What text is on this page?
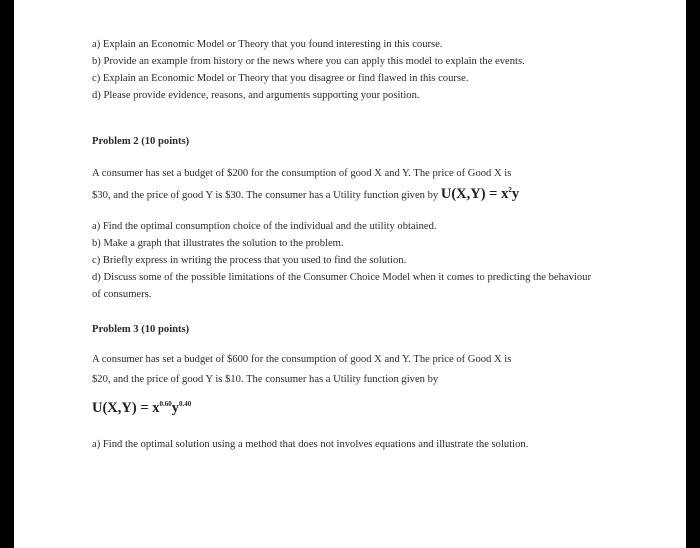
a) Explain an Economic Model or Theory that you found interesting in this course.

b) Provide an example from history or the news where you can apply this model to explain the events.

c) Explain an Economic Model or Theory that you disagree or find flawed in this course.

d) Please provide evidence, reasons, and arguments supporting your position.

Problem 2 (10 points)

A consumer has set a budget of $200 for the consumption of good X and Y. The price of Good X is

$30, and the price of good Y is $30. The consumer has a Utility function given by $U(X,Y) = x^2y$

a) Find the optimal consumption choice of the individual and the utility obtained.

b) Make a graph that illustrates the solution to the problem.

c) Briefly express in writing the process that you used to find the solution.

d) Discuss some of the possible limitations of the Consumer Choice Model when it comes to predicting the behaviour of consumers.

Problem 3 (10 points)

A consumer has set a budget of $600 for the consumption of good X and Y. The price of Good X is

$20, and the price of good Y is $10. The consumer has a Utility function given by

$U(X,Y) = x^{0.60}y^{0.40}$

a) Find the optimal solution using a method that does not involves equations and illustrate the solution.
